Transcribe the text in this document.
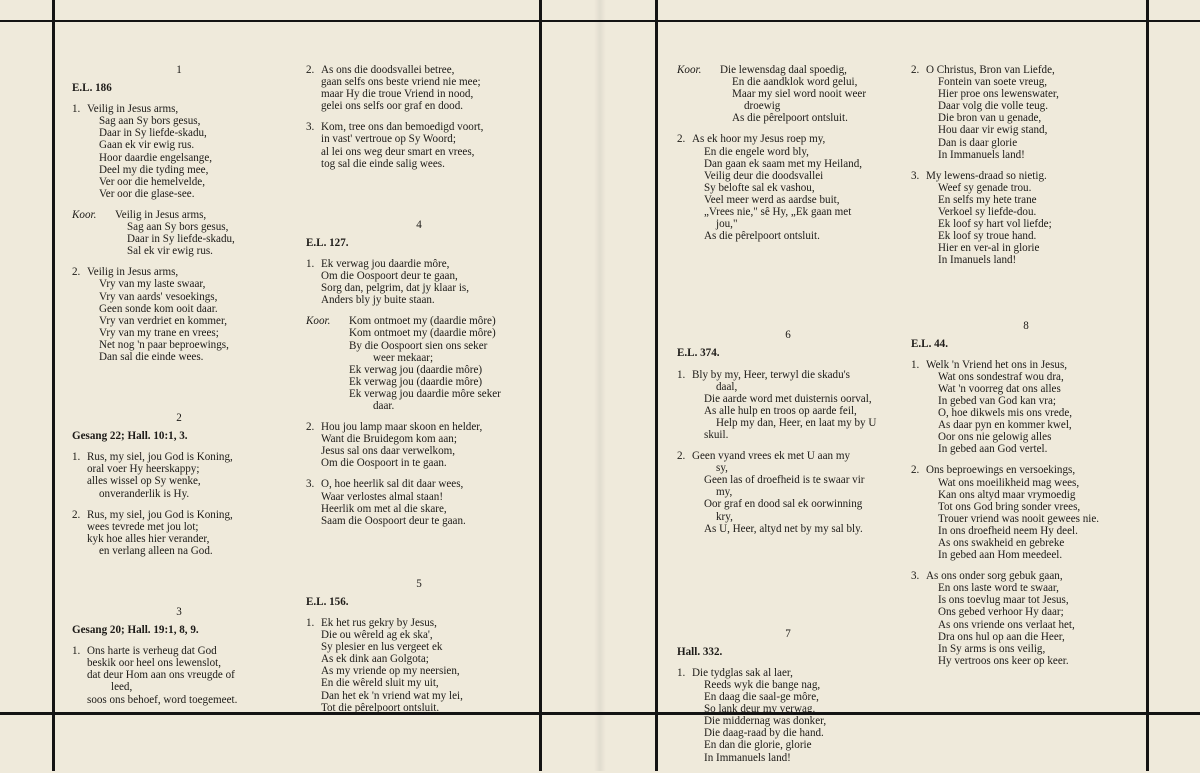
1
E.L. 186
1. Veilig in Jesus arms,
Sag aan Sy bors gesus,
Daar in Sy liefde-skadu,
Gaan ek vir ewig rus.
Hoor daardie engelsange,
Deel my die tyding mee,
Ver oor die hemelvelde,
Ver oor die glase-see.
Koor. Veilig in Jesus arms,
Sag aan Sy bors gesus,
Daar in Sy liefde-skadu,
Sal ek vir ewig rus.
2. Veilig in Jesus arms,
Vry van my laste swaar,
Vry van aards' vesoekings,
Geen sonde kom ooit daar.
Vry van verdriet en kommer,
Vry van my trane en vrees;
Net nog 'n paar beproewings,
Dan sal die einde wees.
2
Gesang 22; Hall. 10:1, 3.
1. Rus, my siel, jou God is Koning,
oral voer Hy heerskappy;
alles wissel op Sy wenke,
onveranderlik is Hy.
2. Rus, my siel, jou God is Koning,
wees tevrede met jou lot;
kyk hoe alles hier verander,
en verlang alleen na God.
3
Gesang 20; Hall. 19:1, 8, 9.
1. Ons harte is verheug dat God
beskik oor heel ons lewenslot,
dat deur Hom aan ons vreugde of
leed,
soos ons behoef, word toegemeet.
2. As ons die doodsvallei betree,
gaan selfs ons beste vriend nie mee;
maar Hy die troue Vriend in nood,
gelei ons selfs oor graf en dood.
3. Kom, tree ons dan bemoedigd voort,
in vast' vertroue op Sy Woord;
al lei ons weg deur smart en vrees,
tog sal die einde salig wees.
4
E.L. 127.
1. Ek verwag jou daardie môre,
Om die Oospoort deur te gaan,
Sorg dan, pelgrim, dat jy klaar is,
Anders bly jy buite staan.
Koor. Kom ontmoet my (daardie môre)
Kom ontmoet my (daardie môre)
By die Oospoort sien ons seker
weer mekaar;
Ek verwag jou (daardie môre)
Ek verwag jou (daardie môre)
Ek verwag jou daardie môre seker
daar.
2. Hou jou lamp maar skoon en helder,
Want die Bruidegom kom aan;
Jesus sal ons daar verwelkom,
Om die Oospoort in te gaan.
3. O, hoe heerlik sal dit daar wees,
Waar verlostes almal staan!
Heerlik om met al die skare,
Saam die Oospoort deur te gaan.
5
E.L. 156.
1. Ek het rus gekry by Jesus,
Die ou wêreld ag ek ska',
Sy plesier en lus vergeet ek
As ek dink aan Golgota;
As my vriende op my neersien,
En die wêreld sluit my uit,
Dan het ek 'n vriend wat my lei,
Tot die pêrelpoort ontsluit.
Koor. Die lewensdag daal spoedig,
En die aandklok word gelui,
Maar my siel word nooit weer
droewig
As die pêrelpoort ontsluit.
2. As ek hoor my Jesus roep my,
En die engele word bly,
Dan gaan ek saam met my Heiland,
Veilig deur die doodsvallei
Sy belofte sal ek vashou,
Veel meer werd as aardse buit,
„Vrees nie," sê Hy, „Ek gaan met
jou,"
As die pêrelpoort ontsluit.
6
E.L. 374.
1. Bly by my, Heer, terwyl die skadu's
daal,
Die aarde word met duisternis oorval,
As alle hulp en troos op aarde feil,
Help my dan, Heer, en laat my by U
skuil.
2. Geen vyand vrees ek met U aan my
sy,
Geen las of droefheid is te swaar vir
my,
Oor graf en dood sal ek oorwinning
kry,
As U, Heer, altyd net by my sal bly.
7
Hall. 332.
1. Die tydglas sak al laer,
Reeds wyk die bange nag,
En daag die saal-ge môre,
So lank deur my verwag.
Die middernag was donker,
Die daag-raad by die hand.
En dan die glorie, glorie
In Immanuels land!
2. O Christus, Bron van Liefde,
Fontein van soete vreug,
Hier proe ons lewenswater,
Daar volg die volle teug.
Die bron van u genade,
Hou daar vir ewig stand,
Dan is daar glorie
In Immanuels land!
3. My lewens-draad so nietig.
Weef sy genade trou.
En selfs my hete trane
Verkoel sy liefde-dou.
Ek loof sy hart vol liefde;
Ek loof sy troue hand.
Hier en ver-al in glorie
In Imanuels land!
8
E.L. 44.
1. Welk 'n Vriend het ons in Jesus,
Wat ons sondestraf wou dra,
Wat 'n voorreg dat ons alles
In gebed van God kan vra;
O, hoe dikwels mis ons vrede,
As daar pyn en kommer kwel,
Oor ons nie gelowig alles
In gebed aan God vertel.
2. Ons beproewings en versoekings,
Wat ons moeilikheid mag wees,
Kan ons altyd maar vrymoedig
Tot ons God bring sonder vrees,
Trouer vriend was nooit gewees nie.
In ons droefheid neem Hy deel.
As ons swakheid en gebreke
In gebed aan Hom meedeel.
3. As ons onder sorg gebuk gaan,
En ons laste word te swaar,
Is ons toevlug maar tot Jesus,
Ons gebed verhoor Hy daar;
As ons vriende ons verlaat het,
Dra ons hul op aan die Heer,
In Sy arms is ons veilig,
Hy vertroos ons keer op keer.
